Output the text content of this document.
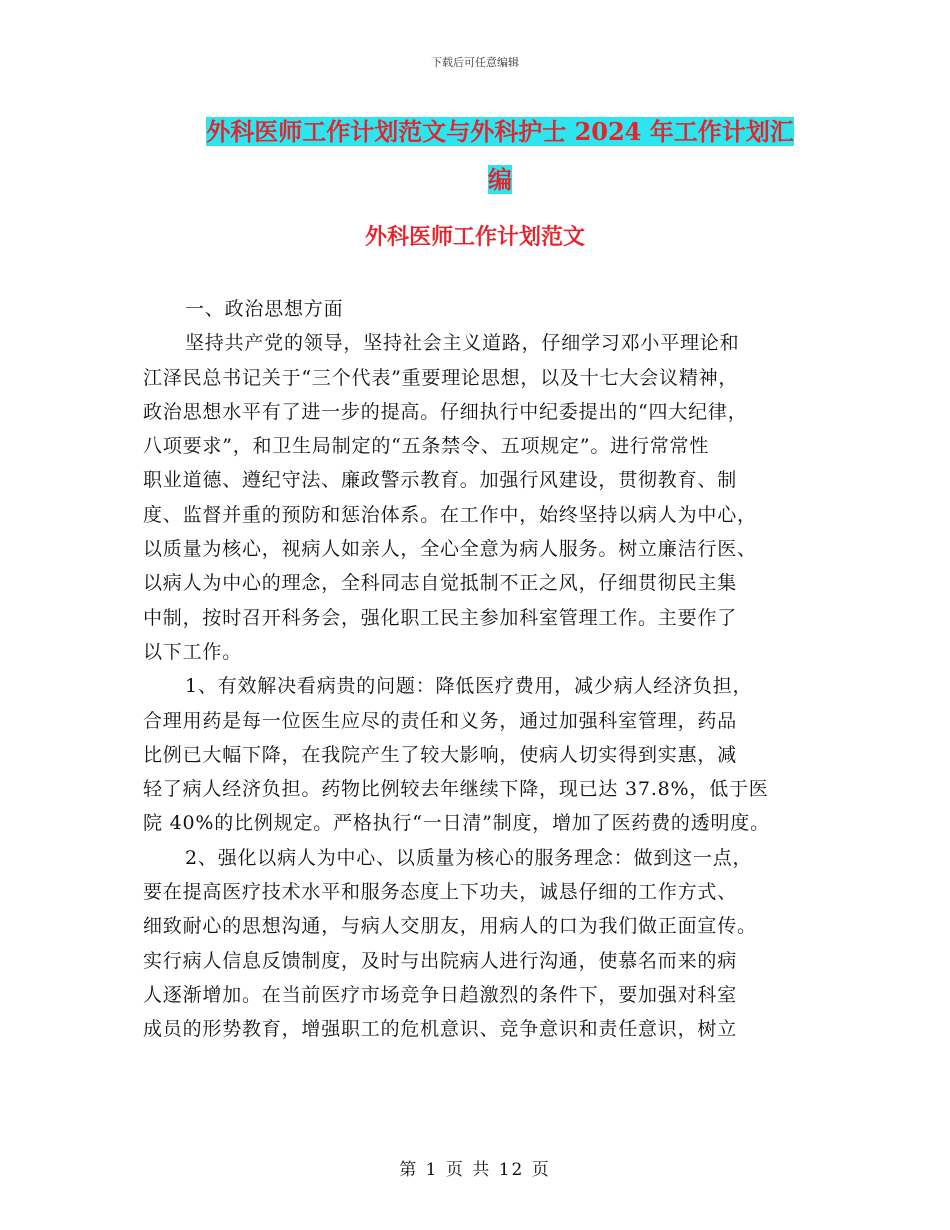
下载后可任意编辑
外科医师工作计划范文与外科护士 2024 年工作计划汇
编
外科医师工作计划范文
一、政治思想方面
坚持共产党的领导，坚持社会主义道路，仔细学习邓小平理论和
江泽民总书记关于“三个代表”重要理论思想，以及十七大会议精神，
政治思想水平有了进一步的提高。仔细执行中纪委提出的“四大纪律，
八项要求”，和卫生局制定的“五条禁令、五项规定”。进行常常性
职业道德、遵纪守法、廉政警示教育。加强行风建设，贯彻教育、制
度、监督并重的预防和惩治体系。在工作中，始终坚持以病人为中心，
以质量为核心，视病人如亲人，全心全意为病人服务。树立廉洁行医、
以病人为中心的理念，全科同志自觉抵制不正之风，仔细贯彻民主集
中制，按时召开科务会，强化职工民主参加科室管理工作。主要作了
以下工作。
1、有效解决看病贵的问题：降低医疗费用，减少病人经济负担，
合理用药是每一位医生应尽的责任和义务，通过加强科室管理，药品
比例已大幅下降，在我院产生了较大影响，使病人切实得到实惠，减
轻了病人经济负担。药物比例较去年继续下降，现已达 37.8%，低于医
院 40%的比例规定。严格执行“一日清”制度，增加了医药费的透明度。
2、强化以病人为中心、以质量为核心的服务理念：做到这一点，
要在提高医疗技术水平和服务态度上下功夫，诚恳仔细的工作方式、
细致耐心的思想沟通，与病人交朋友，用病人的口为我们做正面宣传。
实行病人信息反馈制度，及时与出院病人进行沟通，使慕名而来的病
人逐渐增加。在当前医疗市场竞争日趋激烈的条件下，要加强对科室
成员的形势教育，增强职工的危机意识、竞争意识和责任意识，树立
第 1 页 共 12 页
